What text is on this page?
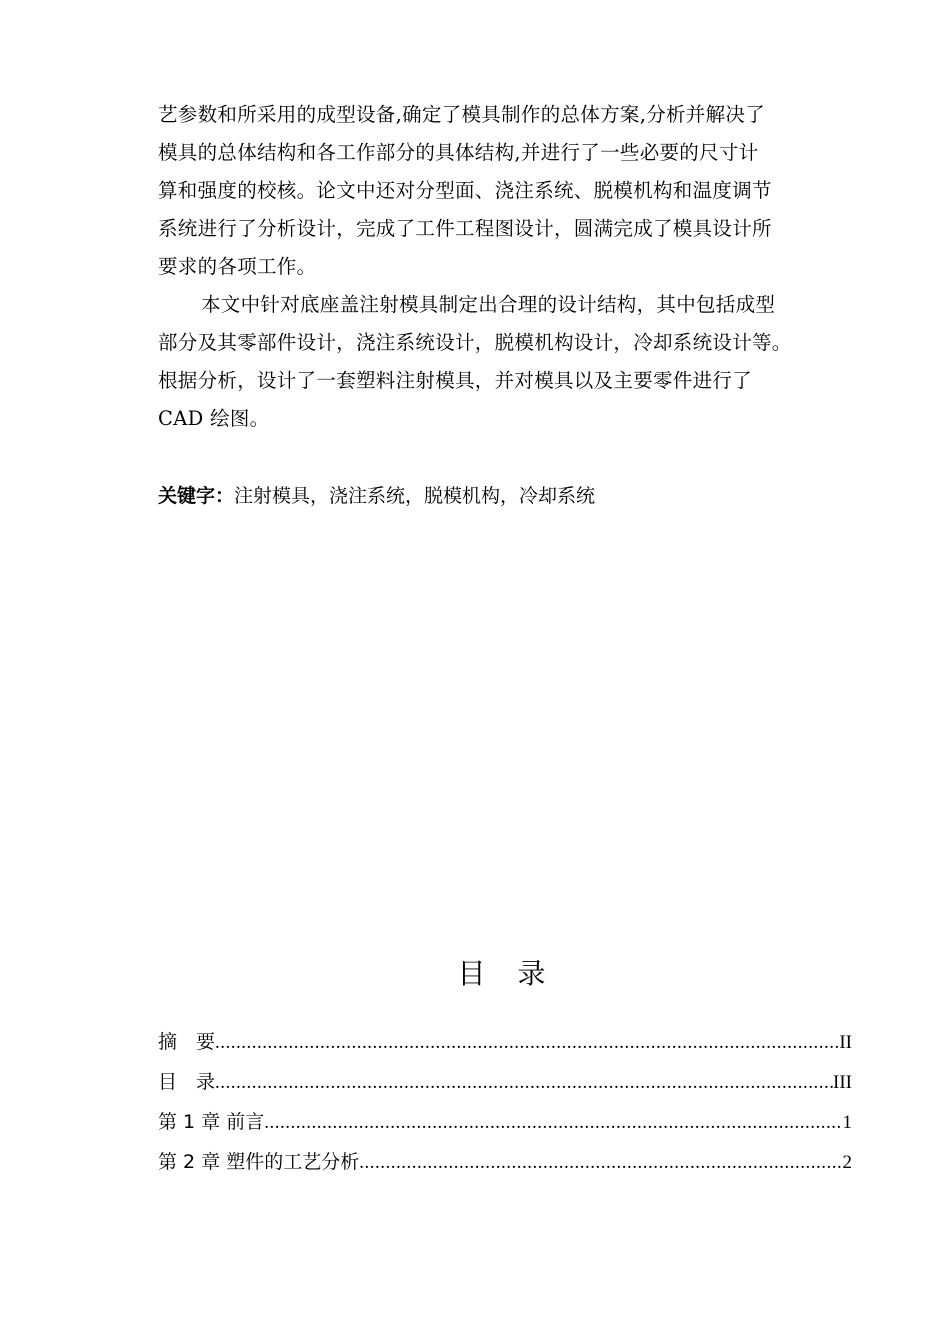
艺参数和所采用的成型设备,确定了模具制作的总体方案,分析并解决了
模具的总体结构和各工作部分的具体结构,并进行了一些必要的尺寸计
算和强度的校核。论文中还对分型面、浇注系统、脱模机构和温度调节
系统进行了分析设计，完成了工件工程图设计，圆满完成了模具设计所
要求的各项工作。
本文中针对底座盖注射模具制定出合理的设计结构，其中包括成型
部分及其零部件设计，浇注系统设计，脱模机构设计，冷却系统设计等。
根据分析，设计了一套塑料注射模具，并对模具以及主要零件进行了
CAD 绘图。
关键字：注射模具，浇注系统，脱模机构，冷却系统
目　录
摘　要 .....	II
目　录 .....	III
第 1 章 前言 .....	1
第 2 章 塑件的工艺分析 .....	2
